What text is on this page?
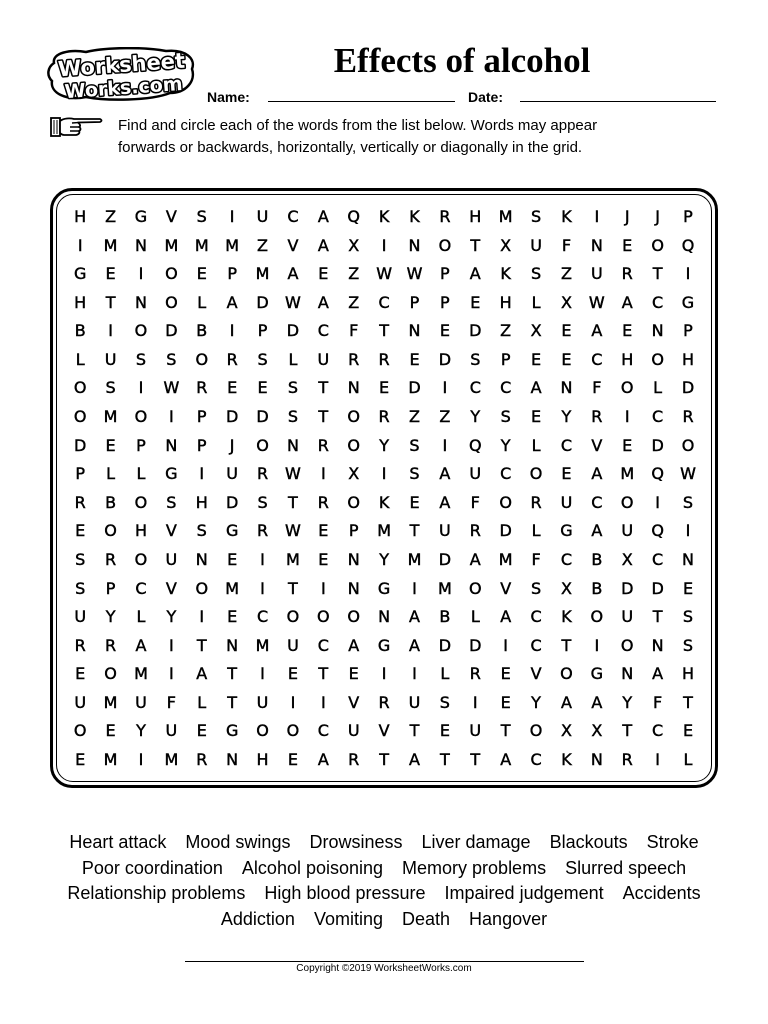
Worksheet
Works.com
Effects of alcohol
Name:	Date:
Find and circle each of the words from the list below. Words may appear
forwards or backwards, horizontally, vertically or diagonally in the grid.
H	Z	G	V	S	I	U	C	A	Q	K	K	R	H	M	S	K	I	J	J	P
I	M	N	M	M	M	Z	V	A	X	I	N	O	T	X	U	F	N	E	O	Q
G	E	I	O	E	P	M	A	E	Z	W W	P	A	K	S	Z	U	R	T	I
H	T	N	O	L	A	D	W	A	Z	C	P	P	E	H	L	X	W	A	C	G
B	I	O	D	B	I	P	D	C	F	T	N	E	D	Z	X	E	A	E	N	P
L	U	S	S	O	R	S	L	U	R	R	E	D	S	P	E	E	C	H	O	H
O	S	I	W	R	E	E	S	T	N	E	D	I	C	C	A	N	F	O	L	D
O	M	O	I	P	D	D	S	T	O	R	Z	Z	Y	S	E	Y	R	I	C	R
D	E	P	N	P	J	O	N	R	O	Y	S	I	Q	Y	L	C	V	E	D	O
P	L	L	G	I	U	R	W	I	X	I	S	A	U	C	O	E	A	M	Q	W
R	B	O	S	H	D	S	T	R	O	K	E	A	F	O	R	U	C	O	I	S
E	O	H	V	S	G	R	W	E	P	M	T	U	R	D	L	G	A	U	Q	I
S	R	O	U	N	E	I	M	E	N	Y	M	D	A	M	F	C	B	X	C	N
S	P	C	V	O	M	I	T	I	N	G	I	M	O	V	S	X	B	D	D	E
U	Y	L	Y	I	E	C	O	O	O	N	A	B	L	A	C	K	O	U	T	S
R	R	A	I	T	N	M	U	C	A	G	A	D	D	I	C	T	I	O	N	S
E	O	M	I	A	T	I	E	T	E	I	I	L	R	E	V	O	G	N	A	H
U	M	U	F	L	T	U	I	I	V	R	U	S	I	E	Y	A	A	Y	F	T
O	E	Y	U	E	G	O	O	C	U	V	T	E	U	T	O	X	X	T	C	E
E	M	I	M	R	N	H	E	A	R	T	A	T	T	A	C	K	N	R	I	L
Heart attack Mood swings Drowsiness Liver damage Blackouts Stroke
Poor coordination Alcohol poisoning Memory problems Slurred speech
Relationship problems High blood pressure Impaired judgement Accidents
Addiction Vomiting Death Hangover
Copyright ©2019 WorksheetWorks.com
